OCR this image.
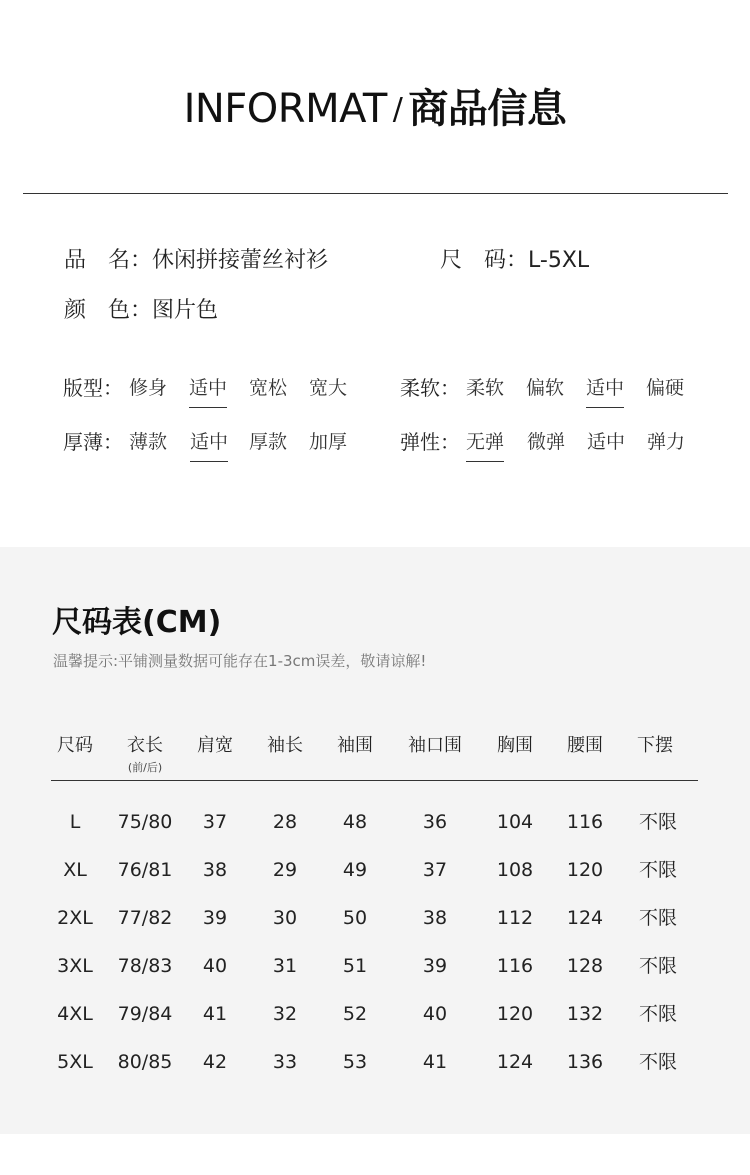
INFORMAT / 商品信息
品　名：休闲拼接蕾丝衬衫	尺　码：L-5XL
颜　色：图片色
版型： 修身 适中 宽松 宽大	柔软： 柔软 偏软 适中 偏硬
厚薄： 薄款 适中 厚款 加厚	弹性： 无弹 微弹 适中 弹力
尺码表(CM)
温馨提示:平铺测量数据可能存在1-3cm误差，敬请谅解!
尺码 衣长
(前/后)
肩宽 袖长 袖围 袖口围 胸围 腰围 下摆
L 75/80 37 28 48	36	104 116 不限
XL 76/81 38 29 49	37	108 120 不限
2XL 77/82 39 30 50	38	112 124 不限
3XL 78/83 40 31 51	39	116 128 不限
4XL 79/84 41 32 52	40	120 132 不限
5XL 80/85 42 33 53	41	124 136 不限
